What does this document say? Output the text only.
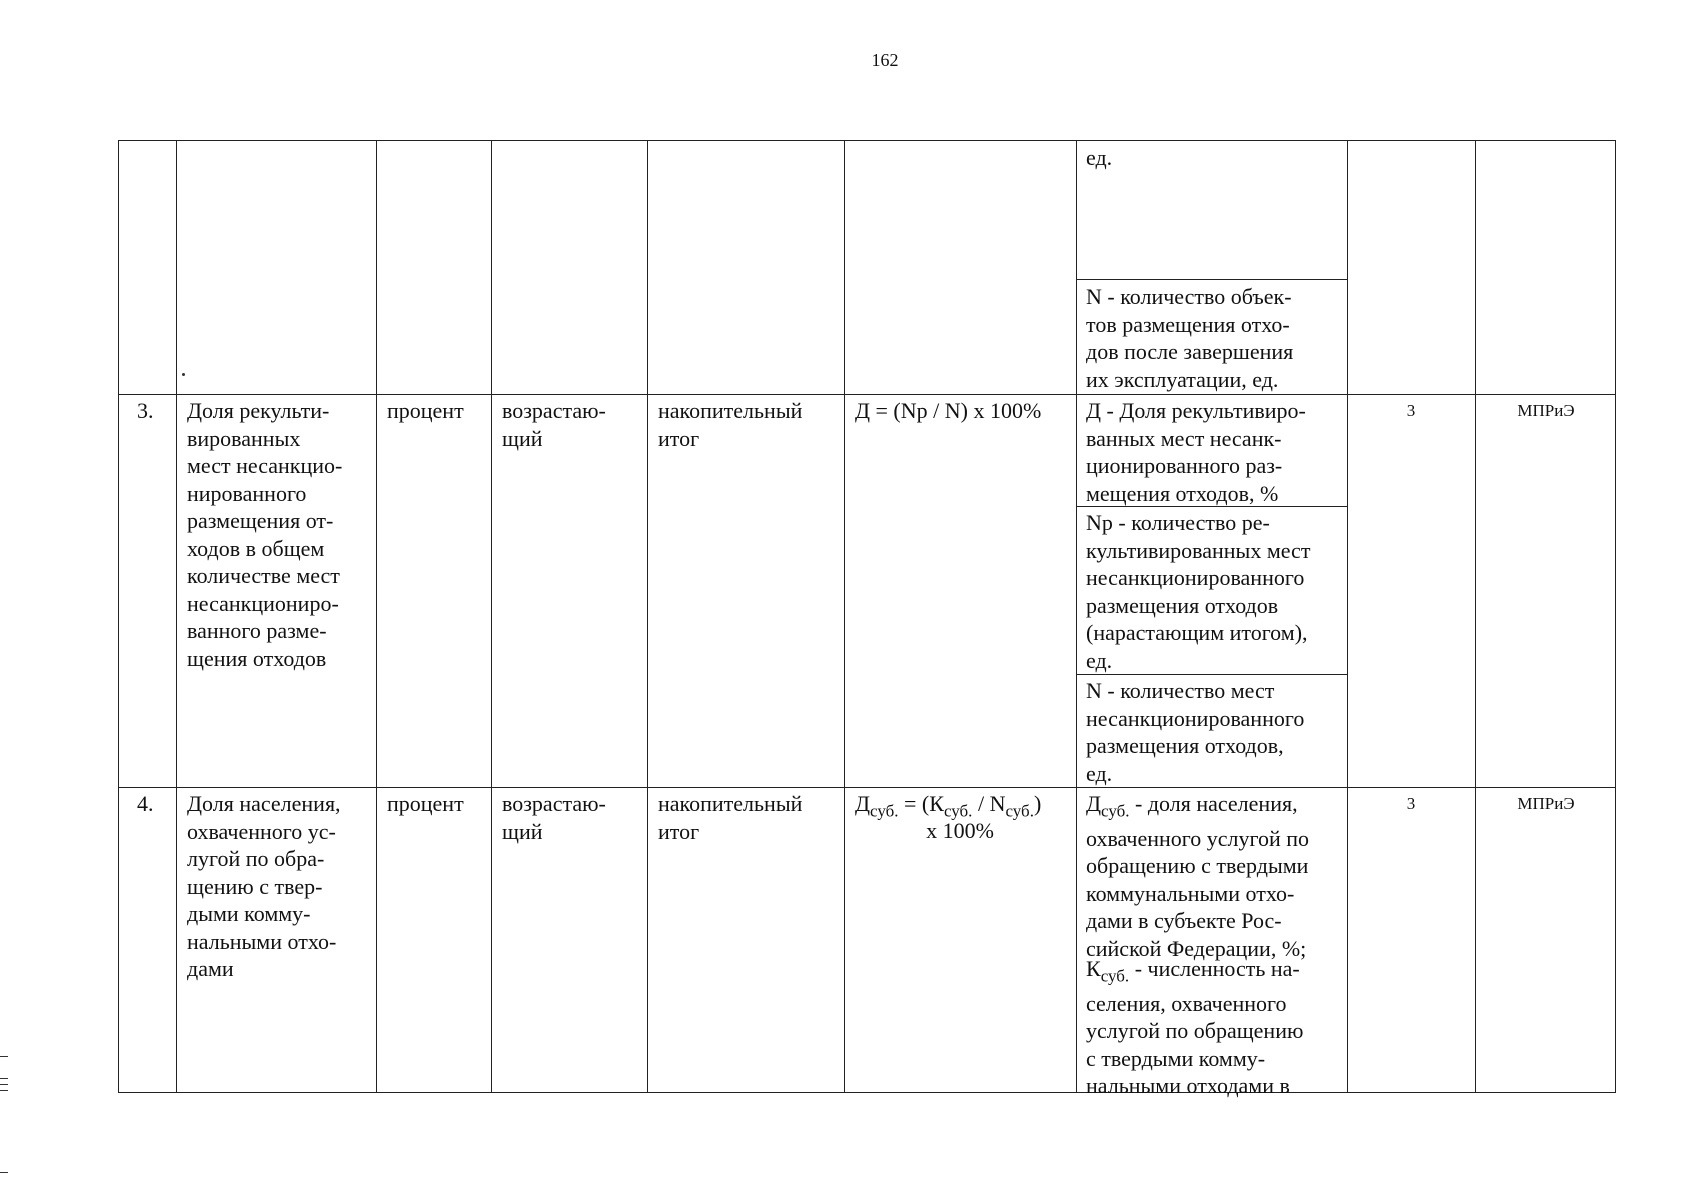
162
ед.
N - количество объек-
тов размещения отхо-
дов после завершения
их эксплуатации, ед.
3. Доля рекульти-
вированных
мест несанкцио-
нированного
размещения от-
ходов в общем
количестве мест
несанкциониро-
ванного разме-
щения отходов
процент возрастаю-
щий
накопительный
итог
Д = (Np / N) x 100% Д - Доля рекультивиро-
ванных мест несанк-
ционированного раз-
мещения отходов, %
Np - количество ре-
культивированных мест
несанкционированного
размещения отходов
(нарастающим итогом),
ед.
N - количество мест
несанкционированного
размещения отходов,
ед.
3	МПРиЭ
4. Доля населения,
охваченного ус-
лугой по обра-
щению с твер-
дыми комму-
нальными отхо-
дами
процент возрастаю-
щий
накопительный
итог
$Д_{суб.} = (К_{суб.} / N_{суб.})$
x 100%
$Д_{суб.}$ - доля населения,
охваченного услугой по
обращению с твердыми
коммунальными отхо-
дами в субъекте Рос-
сийской Федерации, %;
$К_{суб.}$ - численность на-
селения, охваченного
услугой по обращению
с твердыми комму-
нальными отходами в
3	МПРиЭ
